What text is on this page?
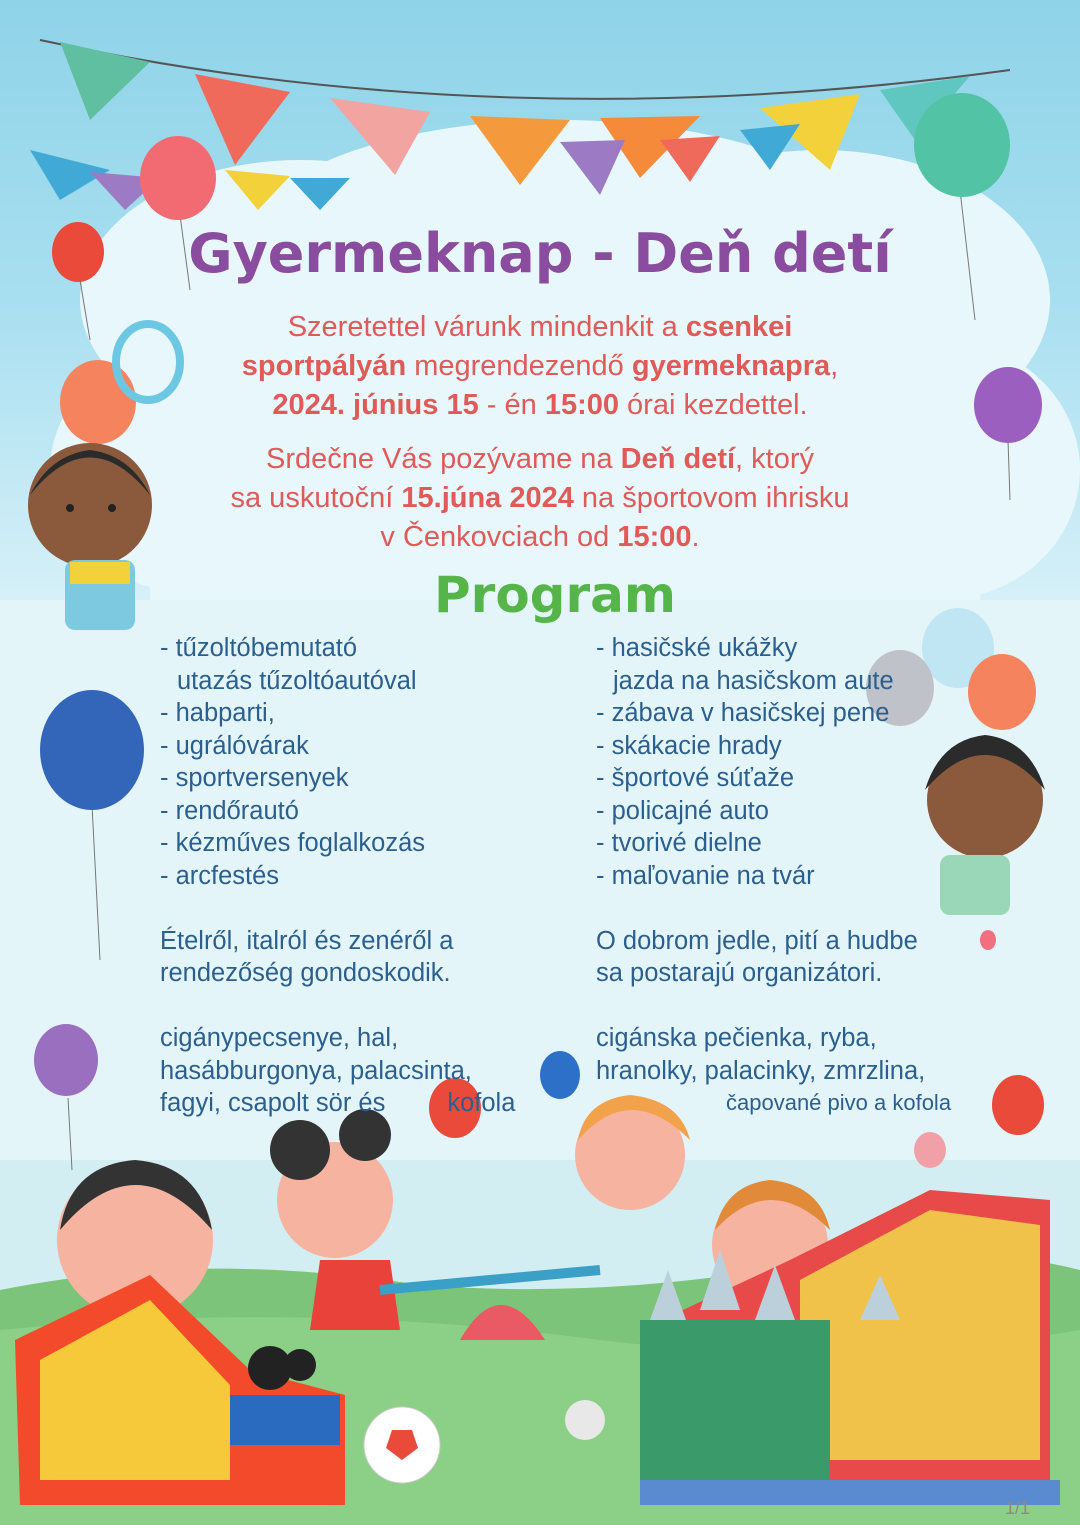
Gyermeknap - Deň detí
Szeretettel várunk mindenkit a csenkei
sportpályán megrendezendő gyermeknapra,
2024. június 15 - én 15:00 órai kezdettel.
Srdečne Vás pozývame na Deň detí, ktorý
sa uskutoční 15.júna 2024 na športovom ihrisku
v Čenkovciach od 15:00.
Program
- tűzoltóbemutató
utazás tűzoltóautóval
- habparti,
- ugrálóvárak
- sportversenyek
- rendőrautó
- kézműves foglalkozás
- arcfestés
Ételről, italról és zenéről a
rendezőség gondoskodik.
cigánypecsenye, hal,
hasábburgonya, palacsinta,
fagyi, csapolt sör és kofola
- hasičské ukážky
jazda na hasičskom aute
- zábava v hasičskej pene
- skákacie hrady
- športové súťaže
- policajné auto
- tvorivé dielne
- maľovanie na tvár
O dobrom jedle, pití a hudbe
sa postarajú organizátori.
cigánska pečienka, ryba,
hranolky, palacinky, zmrzlina,
čapované pivo a kofola
1/1
